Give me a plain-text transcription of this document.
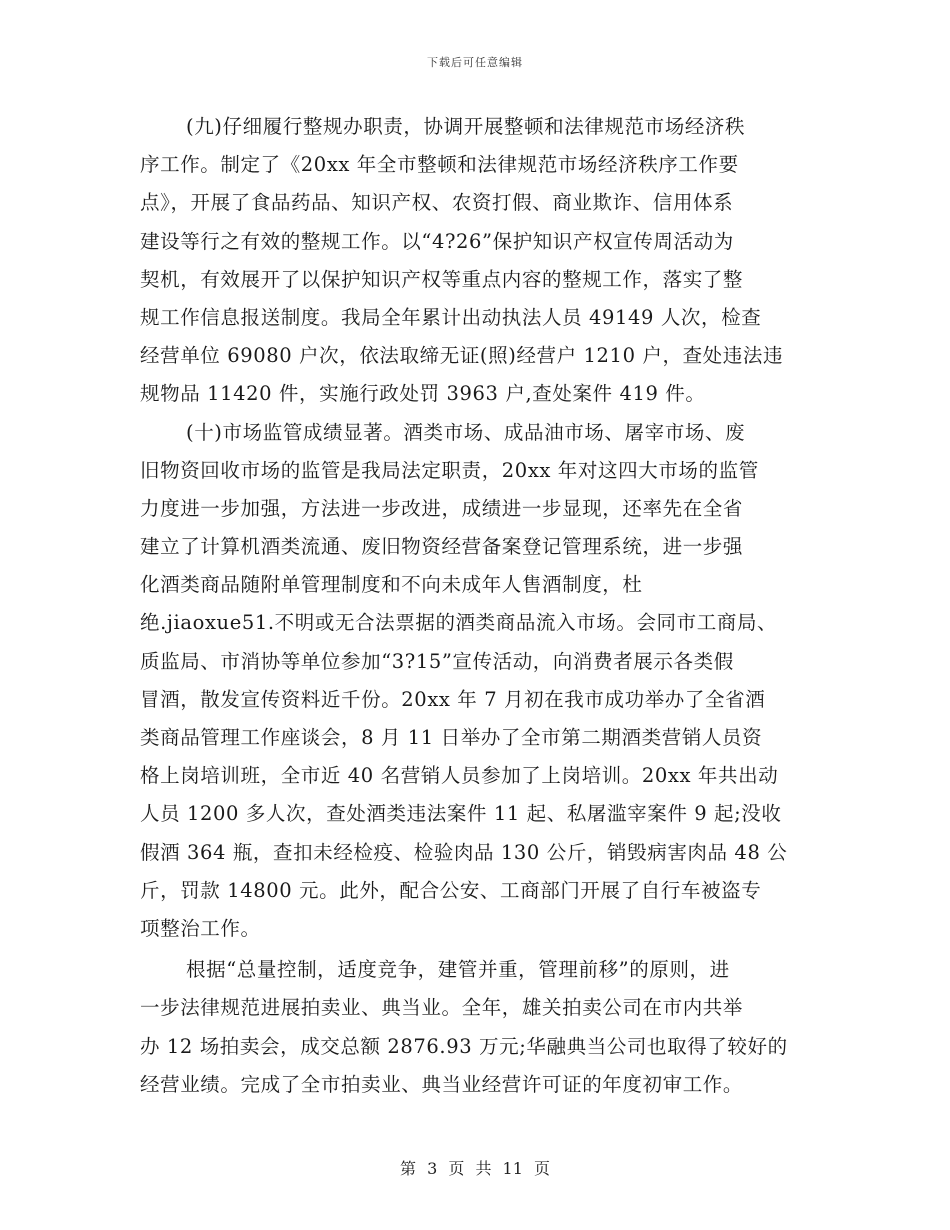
下载后可任意编辑
(九)仔细履行整规办职责，协调开展整顿和法律规范市场经济秩
序工作。制定了《20xx 年全市整顿和法律规范市场经济秩序工作要
点》，开展了食品药品、知识产权、农资打假、商业欺诈、信用体系
建设等行之有效的整规工作。以“4?26”保护知识产权宣传周活动为
契机，有效展开了以保护知识产权等重点内容的整规工作，落实了整
规工作信息报送制度。我局全年累计出动执法人员 49149 人次，检查
经营单位 69080 户次，依法取缔无证(照)经营户 1210 户，查处违法违
规物品 11420 件，实施行政处罚 3963 户,查处案件 419 件。
(十)市场监管成绩显著。酒类市场、成品油市场、屠宰市场、废
旧物资回收市场的监管是我局法定职责，20xx 年对这四大市场的监管
力度进一步加强，方法进一步改进，成绩进一步显现，还率先在全省
建立了计算机酒类流通、废旧物资经营备案登记管理系统，进一步强
化酒类商品随附单管理制度和不向未成年人售酒制度，杜
绝.jiaoxue51.不明或无合法票据的酒类商品流入市场。会同市工商局、
质监局、市消协等单位参加“3?15”宣传活动，向消费者展示各类假
冒酒，散发宣传资料近千份。20xx 年 7 月初在我市成功举办了全省酒
类商品管理工作座谈会，8 月 11 日举办了全市第二期酒类营销人员资
格上岗培训班，全市近 40 名营销人员参加了上岗培训。20xx 年共出动
人员 1200 多人次，查处酒类违法案件 11 起、私屠滥宰案件 9 起;没收
假酒 364 瓶，查扣未经检疫、检验肉品 130 公斤，销毁病害肉品 48 公
斤，罚款 14800 元。此外，配合公安、工商部门开展了自行车被盗专
项整治工作。
根据“总量控制，适度竞争，建管并重，管理前移”的原则，进
一步法律规范进展拍卖业、典当业。全年，雄关拍卖公司在市内共举
办 12 场拍卖会，成交总额 2876.93 万元;华融典当公司也取得了较好的
经营业绩。完成了全市拍卖业、典当业经营许可证的年度初审工作。
第 3 页 共 11 页
